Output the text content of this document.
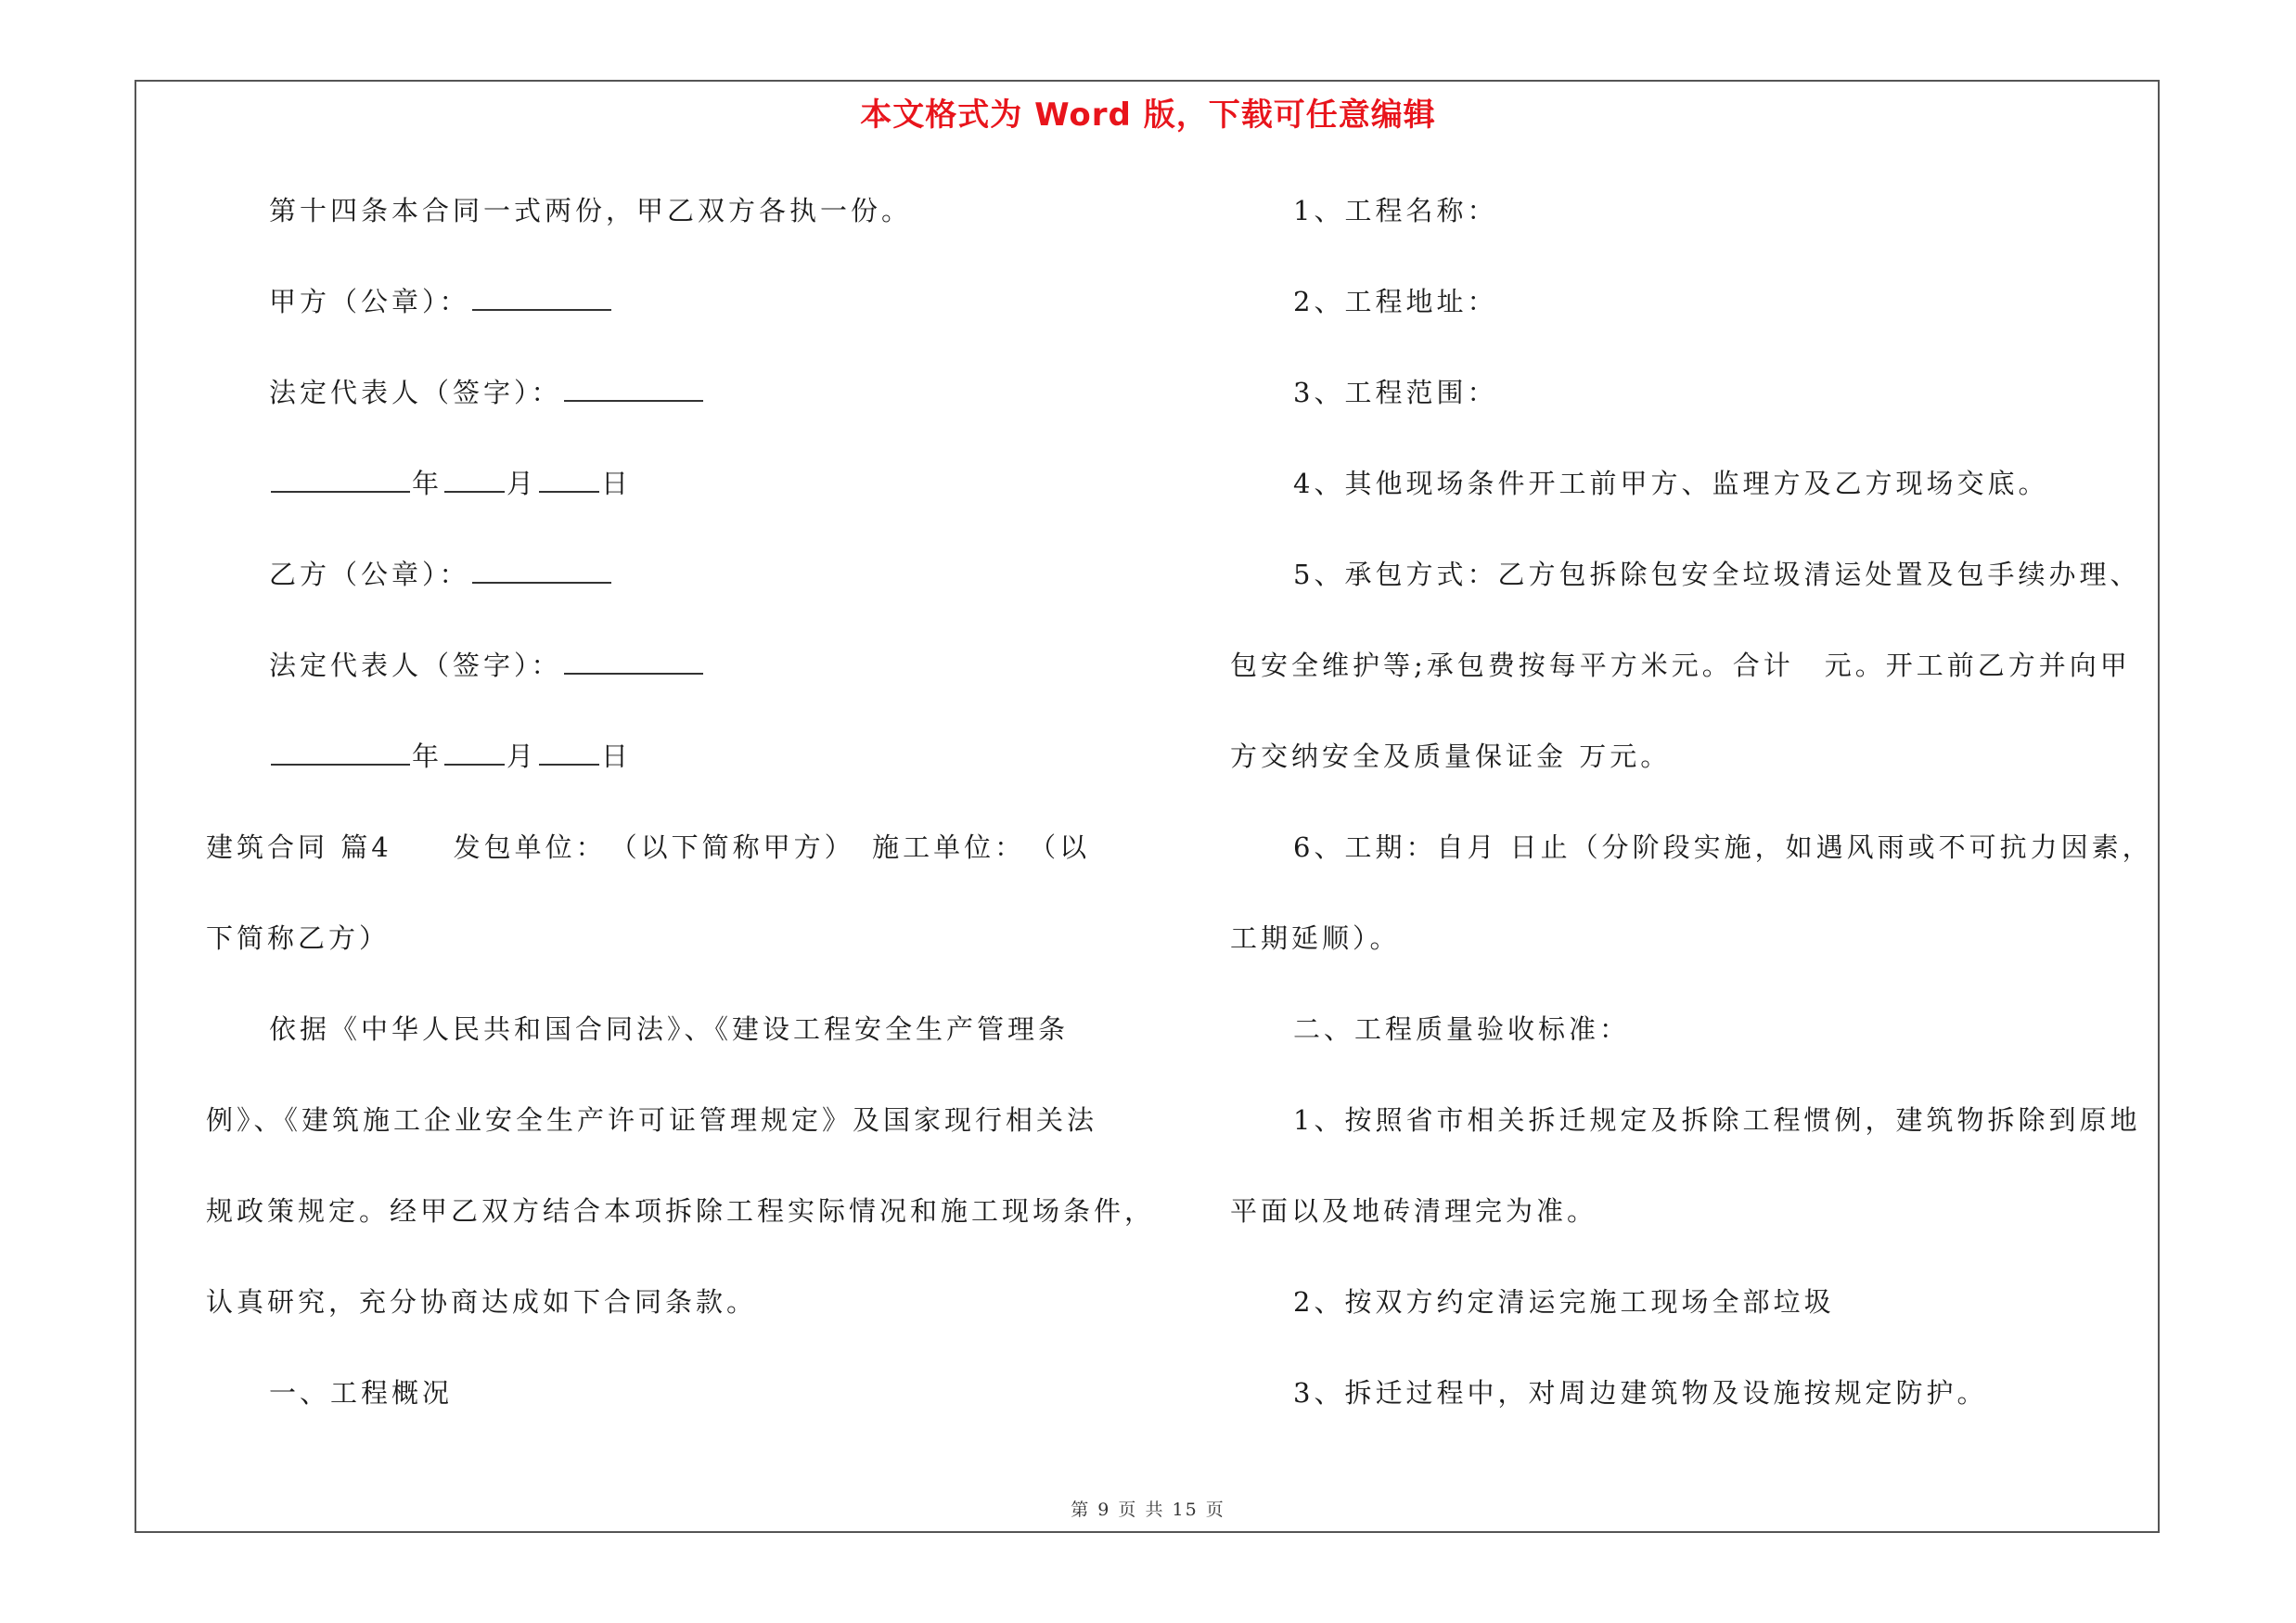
本文格式为 Word 版，下载可任意编辑
第十四条本合同一式两份，甲乙双方各执一份。
甲方（公章）：
法定代表人（签字）：
年 月 日
乙方（公章）：
法定代表人（签字）：
年 月 日
建筑合同 篇4　　发包单位：　（以下简称甲方）　施工单位：　（以
下简称乙方）
依据《中华人民共和国合同法》、《建设工程安全生产管理条
例》、《建筑施工企业安全生产许可证管理规定》及国家现行相关法
规政策规定。经甲乙双方结合本项拆除工程实际情况和施工现场条件，
认真研究，充分协商达成如下合同条款。
一、工程概况
1、工程名称：
2、工程地址：
3、工程范围：
4、其他现场条件开工前甲方、监理方及乙方现场交底。
5、承包方式：乙方包拆除包安全垃圾清运处置及包手续办理、
包安全维护等;承包费按每平方米元。合计　元。开工前乙方并向甲
方交纳安全及质量保证金 万元。
6、工期：自月 日止（分阶段实施，如遇风雨或不可抗力因素，
工期延顺）。
二、工程质量验收标准：
1、按照省市相关拆迁规定及拆除工程惯例，建筑物拆除到原地
平面以及地砖清理完为准。
2、按双方约定清运完施工现场全部垃圾
3、拆迁过程中，对周边建筑物及设施按规定防护。
第 9 页 共 15 页
